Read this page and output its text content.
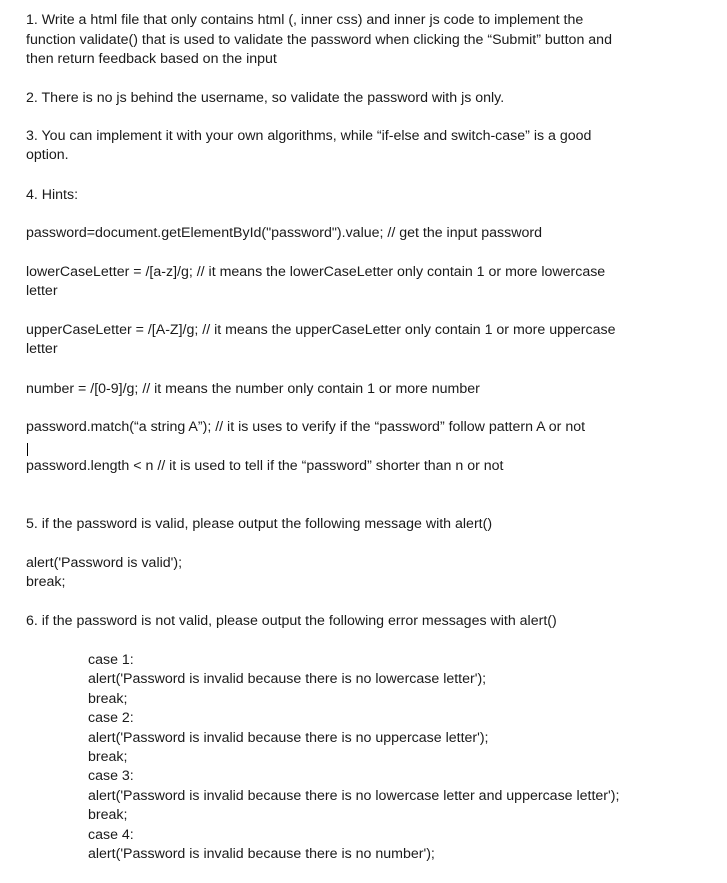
1. Write a html file that only contains html (, inner css) and inner js code to implement the

function validate() that is used to validate the password when clicking the “Submit” button and

then return feedback based on the input

2. There is no js behind the username, so validate the password with js only.

3. You can implement it with your own algorithms, while “if-else and switch-case” is a good

option.

4. Hints:

password=document.getElementById("password").value; // get the input password

lowerCaseLetter = /[a-z]/g; // it means the lowerCaseLetter only contain 1 or more lowercase

letter

upperCaseLetter = /[A-Z]/g; // it means the upperCaseLetter only contain 1 or more uppercase

letter

number = /[0-9]/g; // it means the number only contain 1 or more number

password.match(“a string A”); // it is uses to verify if the “password” follow pattern A or not

password.length < n // it is used to tell if the “password” shorter than n or not

5. if the password is valid, please output the following message with alert()

alert('Password is valid');

break;

6. if the password is not valid, please output the following error messages with alert()

case 1:

alert('Password is invalid because there is no lowercase letter');

break;

case 2:

alert('Password is invalid because there is no uppercase letter');

break;

case 3:

alert('Password is invalid because there is no lowercase letter and uppercase letter');

break;

case 4:

alert('Password is invalid because there is no number');
